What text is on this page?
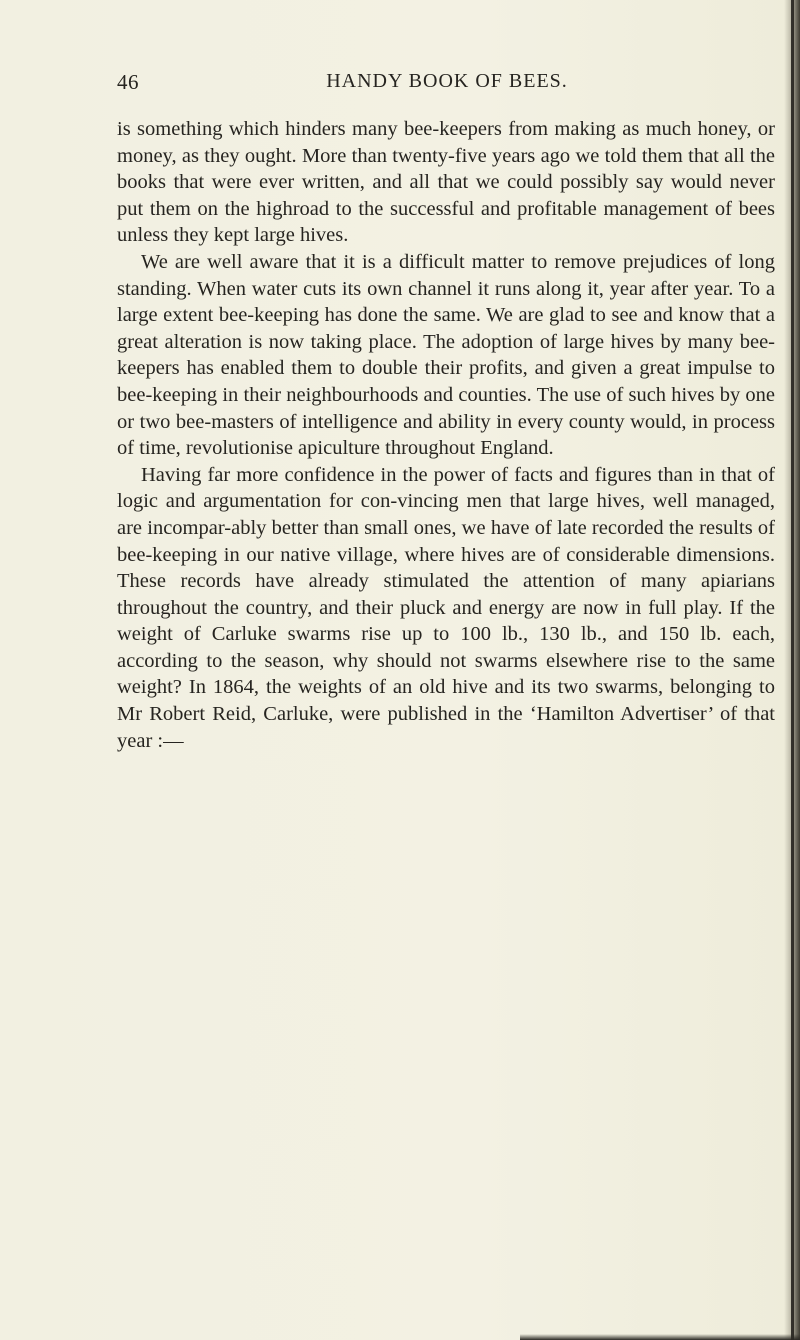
46	HANDY BOOK OF BEES.

is something which hinders many bee-keepers from making as much honey, or money, as they ought. More than twenty-five years ago we told them that all the books that were ever written, and all that we could possibly say would never put them on the highroad to the successful and profitable management of bees unless they kept large hives.

We are well aware that it is a difficult matter to remove prejudices of long standing. When water cuts its own channel it runs along it, year after year. To a large extent bee-keeping has done the same. We are glad to see and know that a great alteration is now taking place. The adoption of large hives by many bee-keepers has enabled them to double their profits, and given a great impulse to bee-keeping in their neighbourhoods and counties. The use of such hives by one or two bee-masters of intelligence and ability in every county would, in process of time, revolutionise apiculture throughout England.

Having far more confidence in the power of facts and figures than in that of logic and argumentation for con-vincing men that large hives, well managed, are incompar-ably better than small ones, we have of late recorded the results of bee-keeping in our native village, where hives are of considerable dimensions. These records have already stimulated the attention of many apiarians throughout the country, and their pluck and energy are now in full play. If the weight of Carluke swarms rise up to 100 lb., 130 lb., and 150 lb. each, according to the season, why should not swarms elsewhere rise to the same weight? In 1864, the weights of an old hive and its two swarms, belonging to Mr Robert Reid, Carluke, were published in the ‘Hamilton Advertiser’ of that year :—
